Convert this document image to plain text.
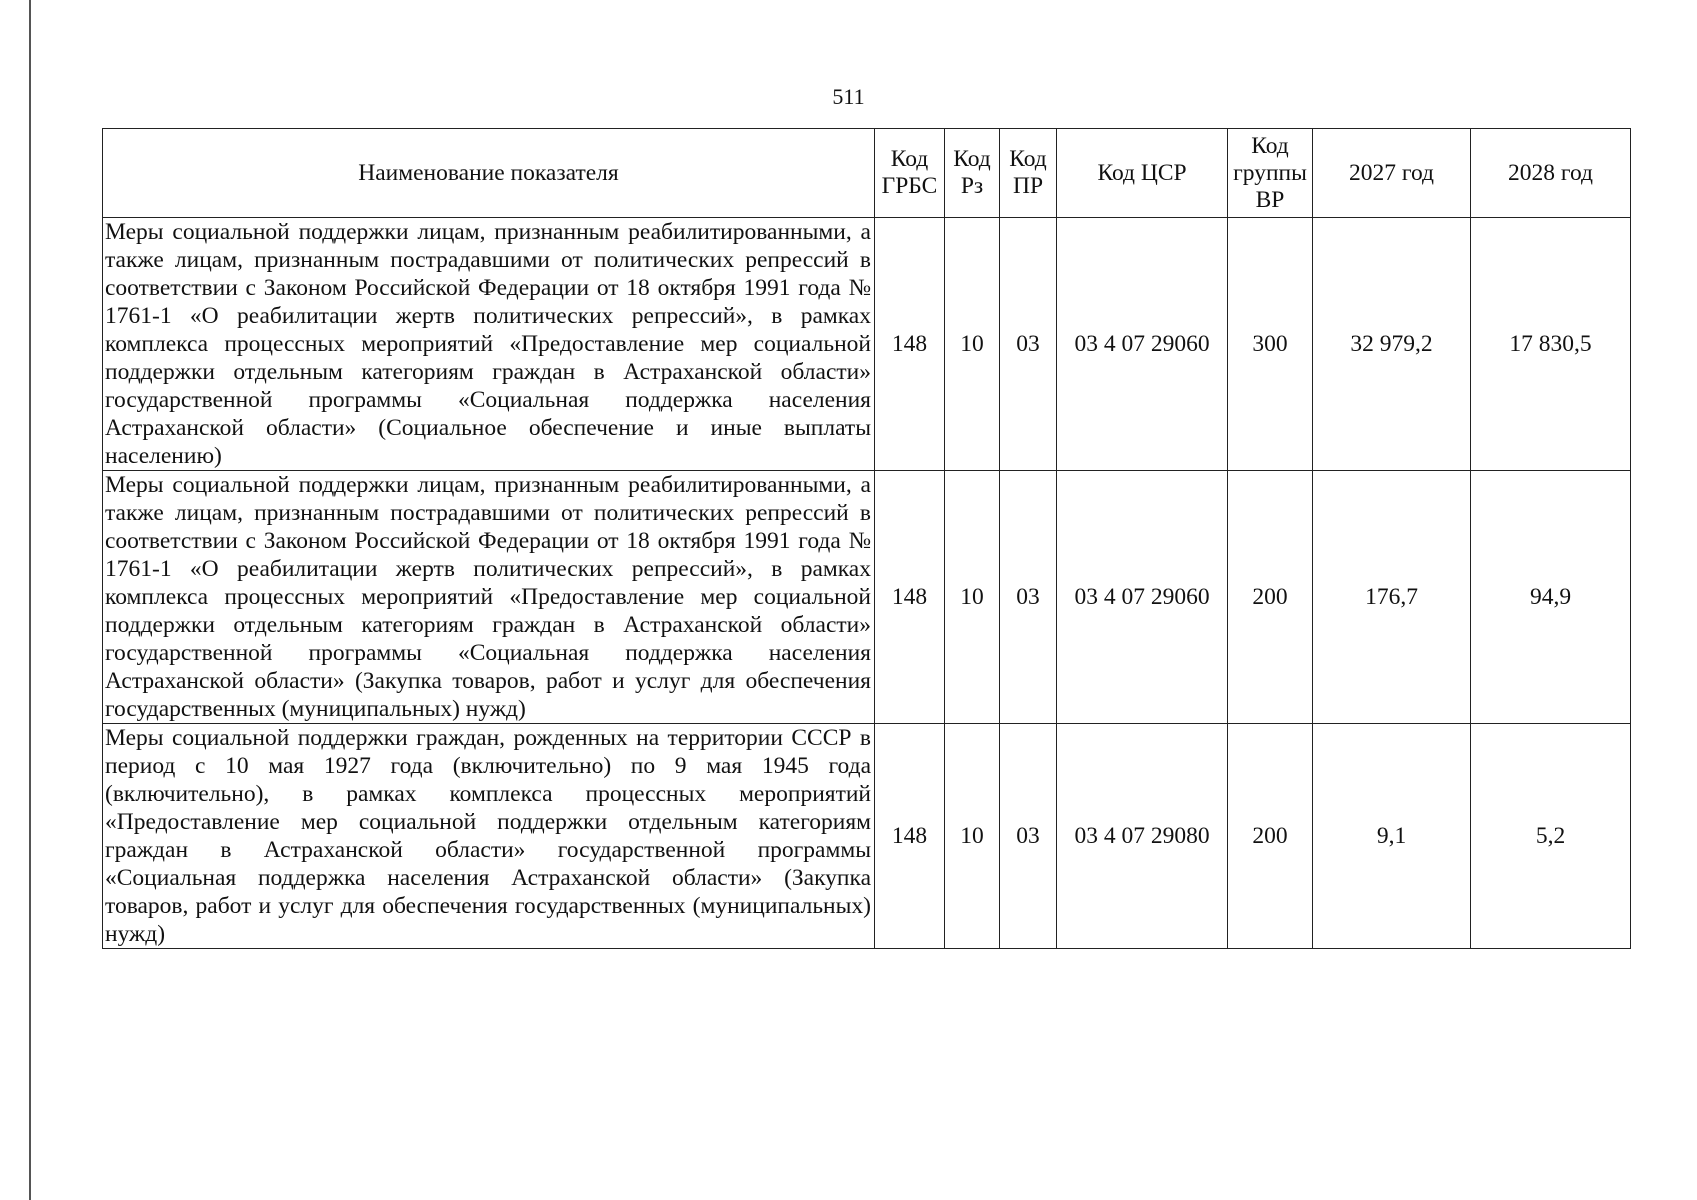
511
Наименование показателя	Код ГРБС	Код Рз	Код ПР	Код ЦСР	Код группы ВР	2027 год	2028 год
Меры социальной поддержки лицам, признанным реабилитированными, а также лицам, признанным пострадавшими от политических репрессий в соответствии с Законом Российской Федерации от 18 октября 1991 года № 1761-1 «О реабилитации жертв политических репрессий», в рамках комплекса процессных мероприятий «Предоставление мер социальной поддержки отдельным категориям граждан в Астраханской области» государственной программы «Социальная поддержка населения Астраханской области» (Социальное обеспечение и иные выплаты населению)	148	10	03	03 4 07 29060	300	32 979,2	17 830,5
Меры социальной поддержки лицам, признанным реабилитированными, а также лицам, признанным пострадавшими от политических репрессий в соответствии с Законом Российской Федерации от 18 октября 1991 года № 1761-1 «О реабилитации жертв политических репрессий», в рамках комплекса процессных мероприятий «Предоставление мер социальной поддержки отдельным категориям граждан в Астраханской области» государственной программы «Социальная поддержка населения Астраханской области» (Закупка товаров, работ и услуг для обеспечения государственных (муниципальных) нужд)	148	10	03	03 4 07 29060	200	176,7	94,9
Меры социальной поддержки граждан, рожденных на территории СССР в период с 10 мая 1927 года (включительно) по 9 мая 1945 года (включительно), в рамках комплекса процессных мероприятий «Предоставление мер социальной поддержки отдельным категориям граждан в Астраханской области» государственной программы «Социальная поддержка населения Астраханской области» (Закупка товаров, работ и услуг для обеспечения государственных (муниципальных) нужд)	148	10	03	03 4 07 29080	200	9,1	5,2
